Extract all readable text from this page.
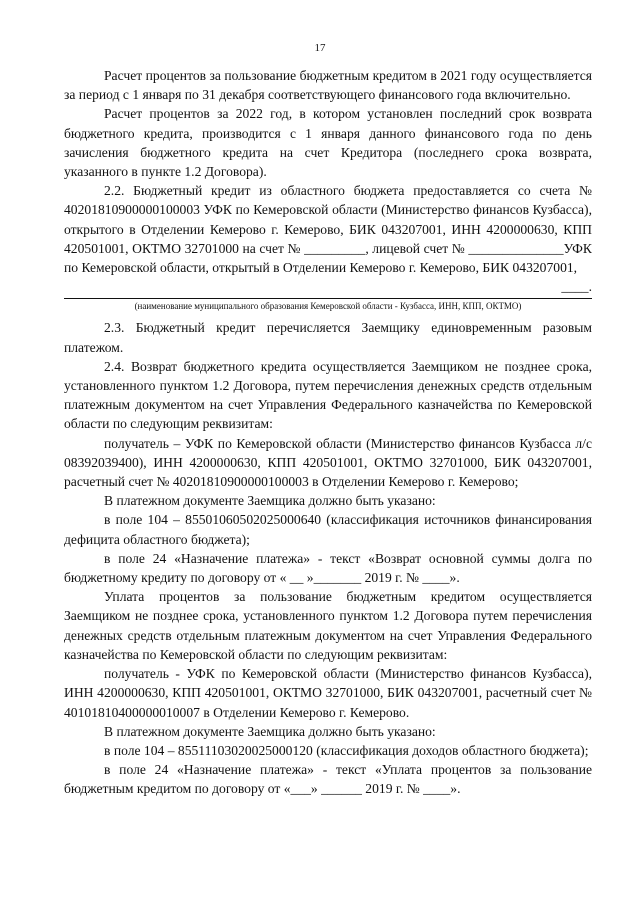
17

Расчет процентов за пользование бюджетным кредитом в 2021 году осуществляется за период с 1 января по 31 декабря соответствующего финансового года включительно.

Расчет процентов за 2022 год, в котором установлен последний срок возврата бюджетного кредита, производится с 1 января данного финансового года по день зачисления бюджетного кредита на счет Кредитора (последнего срока возврата, указанного в пункте 1.2 Договора).

2.2. Бюджетный кредит из областного бюджета предоставляется со счета № 40201810900000100003 УФК по Кемеровской области (Министерство финансов Кузбасса), открытого в Отделении Кемерово г. Кемерово, БИК 043207001, ИНН 4200000630, КПП 420501001, ОКТМО 32701000 на счет № _________, лицевой счет № ______________УФК по Кемеровской области, открытый в Отделении Кемерово г. Кемерово, БИК 043207001,

____.
(наименование муниципального образования Кемеровской области - Кузбасса, ИНН, КПП, ОКТМО)

2.3. Бюджетный кредит перечисляется Заемщику единовременным разовым платежом.

2.4. Возврат бюджетного кредита осуществляется Заемщиком не позднее срока, установленного пунктом 1.2 Договора, путем перечисления денежных средств отдельным платежным документом на счет Управления Федерального казначейства по Кемеровской области по следующим реквизитам:

получатель – УФК по Кемеровской области (Министерство финансов Кузбасса л/с 08392039400), ИНН 4200000630, КПП 420501001, ОКТМО 32701000, БИК 043207001, расчетный счет № 40201810900000100003 в Отделении Кемерово г. Кемерово;

В платежном документе Заемщика должно быть указано:

в поле 104 – 85501060502025000640 (классификация источников финансирования дефицита областного бюджета);

в поле 24 «Назначение платежа» - текст «Возврат основной суммы долга по бюджетному кредиту по договору от « __ »_______ 2019 г. № ____».

Уплата процентов за пользование бюджетным кредитом осуществляется Заемщиком не позднее срока, установленного пунктом 1.2 Договора путем перечисления денежных средств отдельным платежным документом на счет Управления Федерального казначейства по Кемеровской области по следующим реквизитам:

получатель - УФК по Кемеровской области (Министерство финансов Кузбасса), ИНН 4200000630, КПП 420501001, ОКТМО 32701000, БИК 043207001, расчетный счет № 40101810400000010007 в Отделении Кемерово г. Кемерово.

В платежном документе Заемщика должно быть указано:

в поле 104 – 85511103020025000120 (классификация доходов областного бюджета);

в поле 24 «Назначение платежа» - текст «Уплата процентов за пользование бюджетным кредитом по договору от «___» ______ 2019 г. № ____».
